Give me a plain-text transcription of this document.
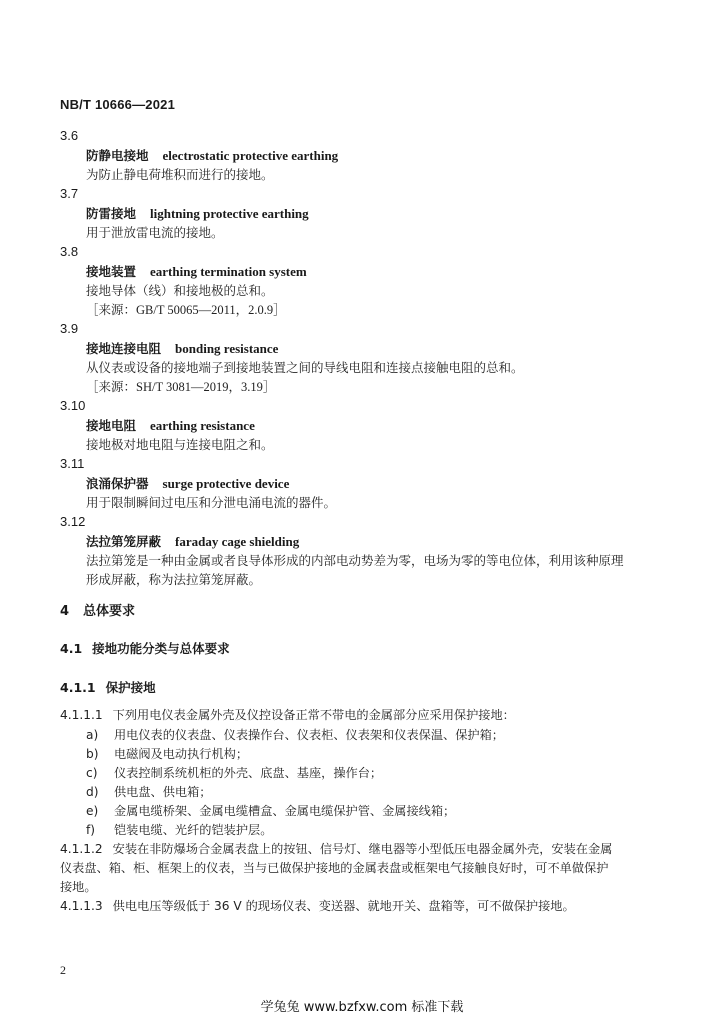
NB/T 10666—2021
3.6
防静电接地 electrostatic protective earthing
为防止静电荷堆积而进行的接地。
3.7
防雷接地 lightning protective earthing
用于泄放雷电流的接地。
3.8
接地装置 earthing termination system
接地导体（线）和接地极的总和。
［来源：GB/T 50065—2011，2.0.9］
3.9
接地连接电阻 bonding resistance
从仪表或设备的接地端子到接地装置之间的导线电阻和连接点接触电阻的总和。
［来源：SH/T 3081—2019，3.19］
3.10
接地电阻 earthing resistance
接地极对地电阻与连接电阻之和。
3.11
浪涌保护器 surge protective device
用于限制瞬间过电压和分泄电涌电流的器件。
3.12
法拉第笼屏蔽 faraday cage shielding
法拉第笼是一种由金属或者良导体形成的内部电动势差为零，电场为零的等电位体，利用该种原理
形成屏蔽，称为法拉第笼屏蔽。
4 总体要求
4.1 接地功能分类与总体要求
4.1.1 保护接地
4.1.1.1 下列用电仪表金属外壳及仪控设备正常不带电的金属部分应采用保护接地：
a) 用电仪表的仪表盘、仪表操作台、仪表柜、仪表架和仪表保温、保护箱；
b) 电磁阀及电动执行机构；
c) 仪表控制系统机柜的外壳、底盘、基座，操作台；
d) 供电盘、供电箱；
e) 金属电缆桥架、金属电缆槽盒、金属电缆保护管、金属接线箱；
f) 铠装电缆、光纤的铠装护层。
4.1.1.2 安装在非防爆场合金属表盘上的按钮、信号灯、继电器等小型低压电器金属外壳，安装在金属
仪表盘、箱、柜、框架上的仪表，当与已做保护接地的金属表盘或框架电气接触良好时，可不单做保护
接地。
4.1.1.3 供电电压等级低于 36 V 的现场仪表、变送器、就地开关、盘箱等，可不做保护接地。
2
学兔兔 www.bzfxw.com 标准下载
